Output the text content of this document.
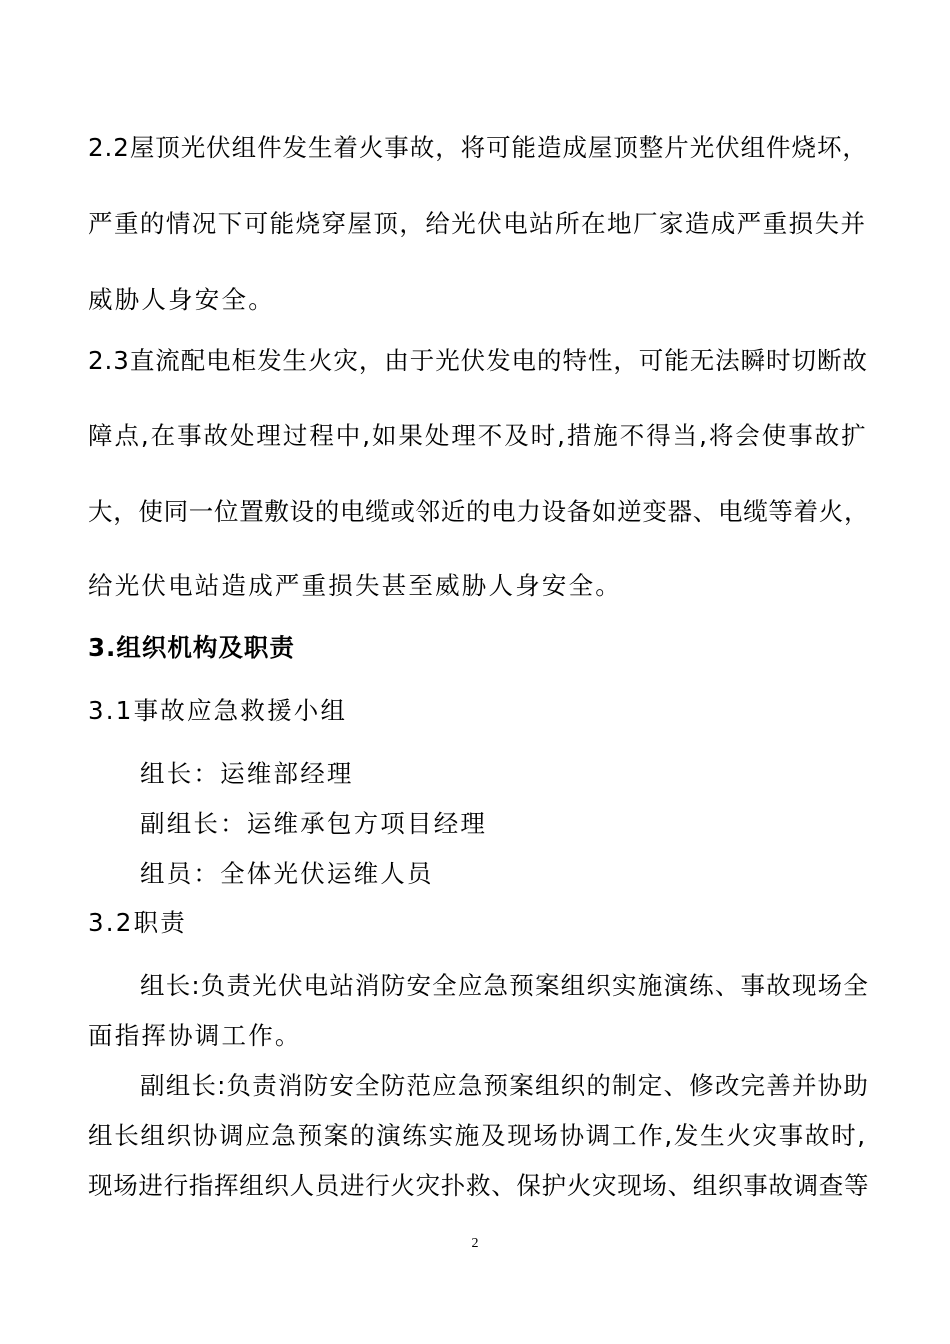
2.2屋顶光伏组件发生着火事故，将可能造成屋顶整片光伏组件烧坏，
严重的情况下可能烧穿屋顶，给光伏电站所在地厂家造成严重损失并
威胁人身安全。
2.3直流配电柜发生火灾，由于光伏发电的特性，可能无法瞬时切断故
障点,在事故处理过程中,如果处理不及时,措施不得当,将会使事故扩
大，使同一位置敷设的电缆或邻近的电力设备如逆变器、电缆等着火，
给光伏电站造成严重损失甚至威胁人身安全。
3.组织机构及职责
3.1事故应急救援小组
组长：运维部经理
副组长：运维承包方项目经理
组员：全体光伏运维人员
3.2职责
组长:负责光伏电站消防安全应急预案组织实施演练、事故现场全
面指挥协调工作。
副组长:负责消防安全防范应急预案组织的制定、修改完善并协助
组长组织协调应急预案的演练实施及现场协调工作,发生火灾事故时,
现场进行指挥组织人员进行火灾扑救、保护火灾现场、组织事故调查等
2
